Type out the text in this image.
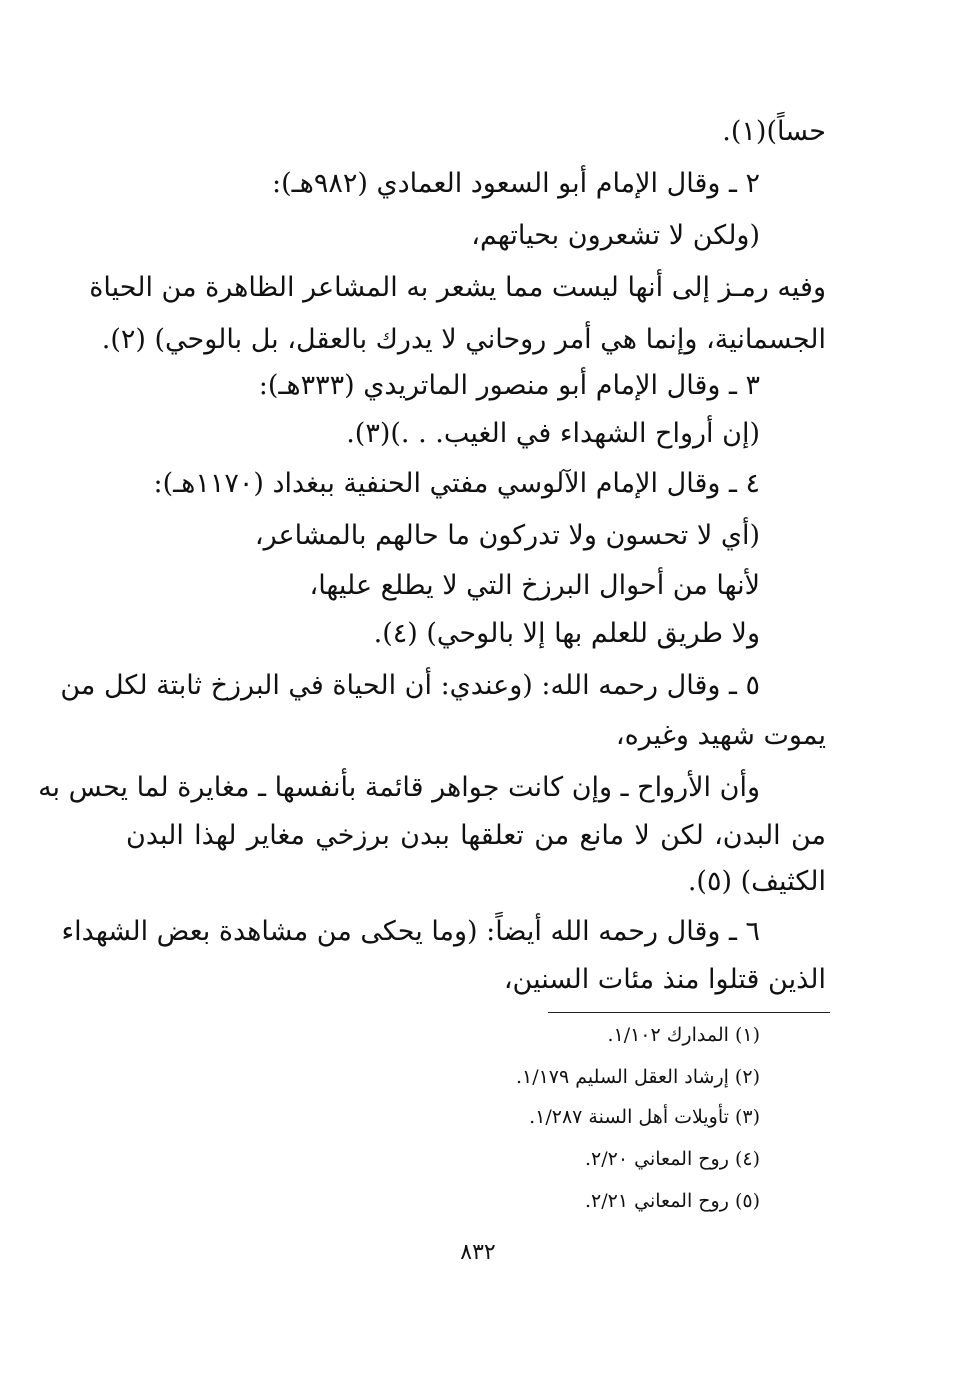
حساً)(١).
٢ ـ وقال الإمام أبو السعود العمادي (٩٨٢هـ):
(ولكن لا تشعرون بحياتهم،
وفيه رمـز إلى أنها ليست مما يشعر به المشاعر الظاهرة من الحياة
الجسمانية، وإنما هي أمر روحاني لا يدرك بالعقل، بل بالوحي) (٢).
٣ ـ وقال الإمام أبو منصور الماتريدي (٣٣٣هـ):
(إن أرواح الشهداء في الغيب. . .)(٣).
٤ ـ وقال الإمام الآلوسي مفتي الحنفية ببغداد (١١٧٠هـ):
(أي لا تحسون ولا تدركون ما حالهم بالمشاعر،
لأنها من أحوال البرزخ التي لا يطلع عليها،
ولا طريق للعلم بها إلا بالوحي) (٤).
٥ ـ وقال رحمه الله: (وعندي: أن الحياة في البرزخ ثابتة لكل من
يموت شهيد وغيره،
وأن الأرواح ـ وإن كانت جواهر قائمة بأنفسها ـ مغايرة لما يحس به
من البدن، لكن لا مانع من تعلقها ببدن برزخي مغاير لهذا البدن
الكثيف) (٥).
٦ ـ وقال رحمه الله أيضاً: (وما يحكى من مشاهدة بعض الشهداء
الذين قتلوا منذ مئات السنين،
(١) المدارك ١/١٠٢.
(٢) إرشاد العقل السليم ١/١٧٩.
(٣) تأويلات أهل السنة ١/٢٨٧.
(٤) روح المعاني ٢/٢٠.
(٥) روح المعاني ٢/٢١.
٨٣٢
